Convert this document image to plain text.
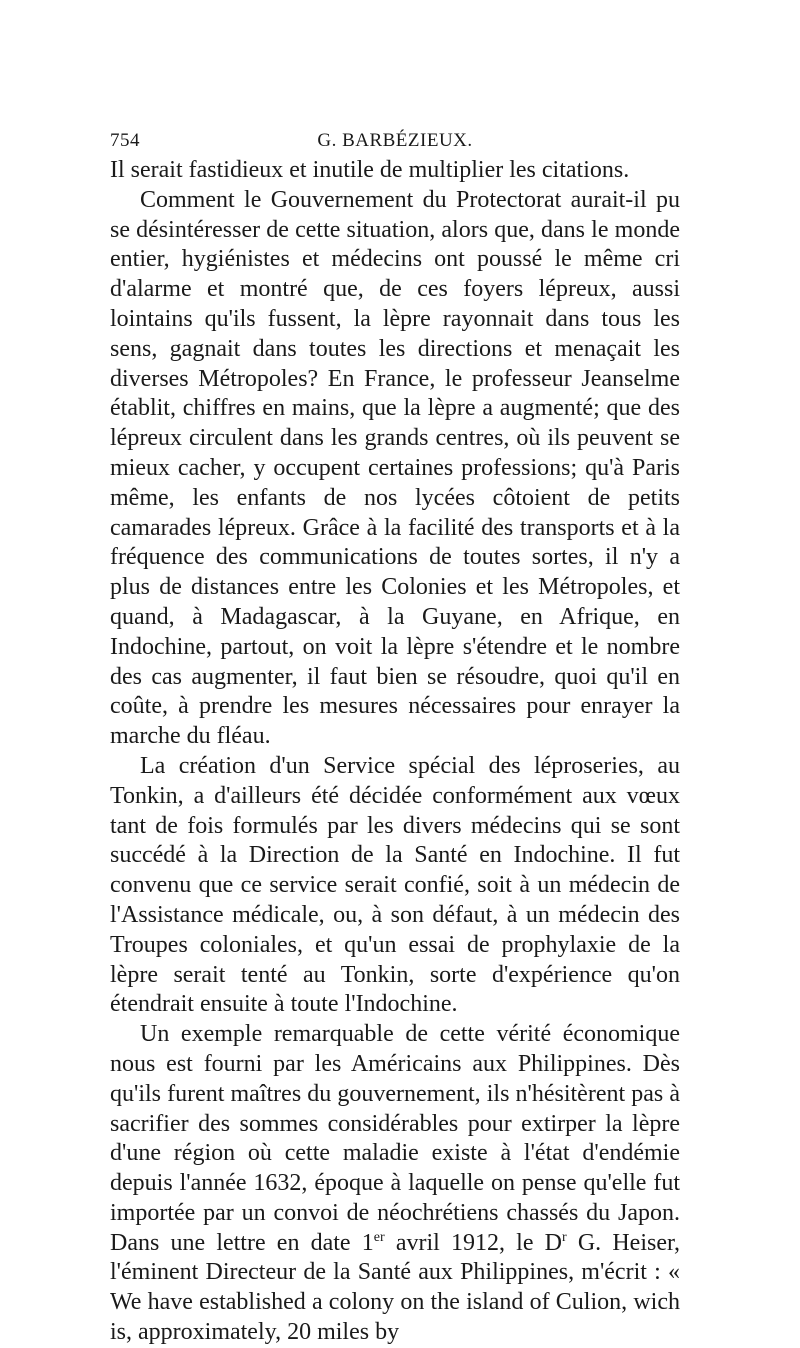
754	G. BARBÉZIEUX.

Il serait fastidieux et inutile de multiplier les citations.

Comment le Gouvernement du Protectorat aurait-il pu se désintéresser de cette situation, alors que, dans le monde entier, hygiénistes et médecins ont poussé le même cri d'alarme et montré que, de ces foyers lépreux, aussi lointains qu'ils fussent, la lèpre rayonnait dans tous les sens, gagnait dans toutes les directions et menaçait les diverses Métropoles? En France, le professeur Jeanselme établit, chiffres en mains, que la lèpre a augmenté; que des lépreux circulent dans les grands centres, où ils peuvent se mieux cacher, y occupent certaines professions; qu'à Paris même, les enfants de nos lycées côtoient de petits camarades lépreux. Grâce à la facilité des transports et à la fréquence des communications de toutes sortes, il n'y a plus de distances entre les Colonies et les Métropoles, et quand, à Madagascar, à la Guyane, en Afrique, en Indochine, partout, on voit la lèpre s'étendre et le nombre des cas augmenter, il faut bien se résoudre, quoi qu'il en coûte, à prendre les mesures nécessaires pour enrayer la marche du fléau.

La création d'un Service spécial des léproseries, au Tonkin, a d'ailleurs été décidée conformément aux vœux tant de fois formulés par les divers médecins qui se sont succédé à la Direction de la Santé en Indochine. Il fut convenu que ce service serait confié, soit à un médecin de l'Assistance médicale, ou, à son défaut, à un médecin des Troupes coloniales, et qu'un essai de prophylaxie de la lèpre serait tenté au Tonkin, sorte d'expérience qu'on étendrait ensuite à toute l'Indochine.

Un exemple remarquable de cette vérité économique nous est fourni par les Américains aux Philippines. Dès qu'ils furent maîtres du gouvernement, ils n'hésitèrent pas à sacrifier des sommes considérables pour extirper la lèpre d'une région où cette maladie existe à l'état d'endémie depuis l'année 1632, époque à laquelle on pense qu'elle fut importée par un convoi de néochrétiens chassés du Japon. Dans une lettre en date 1er avril 1912, le $D^r$ G. Heiser, l'éminent Directeur de la Santé aux Philippines, m'écrit : « We have established a colony on the island of Culion, wich is, approximately, 20 miles by
